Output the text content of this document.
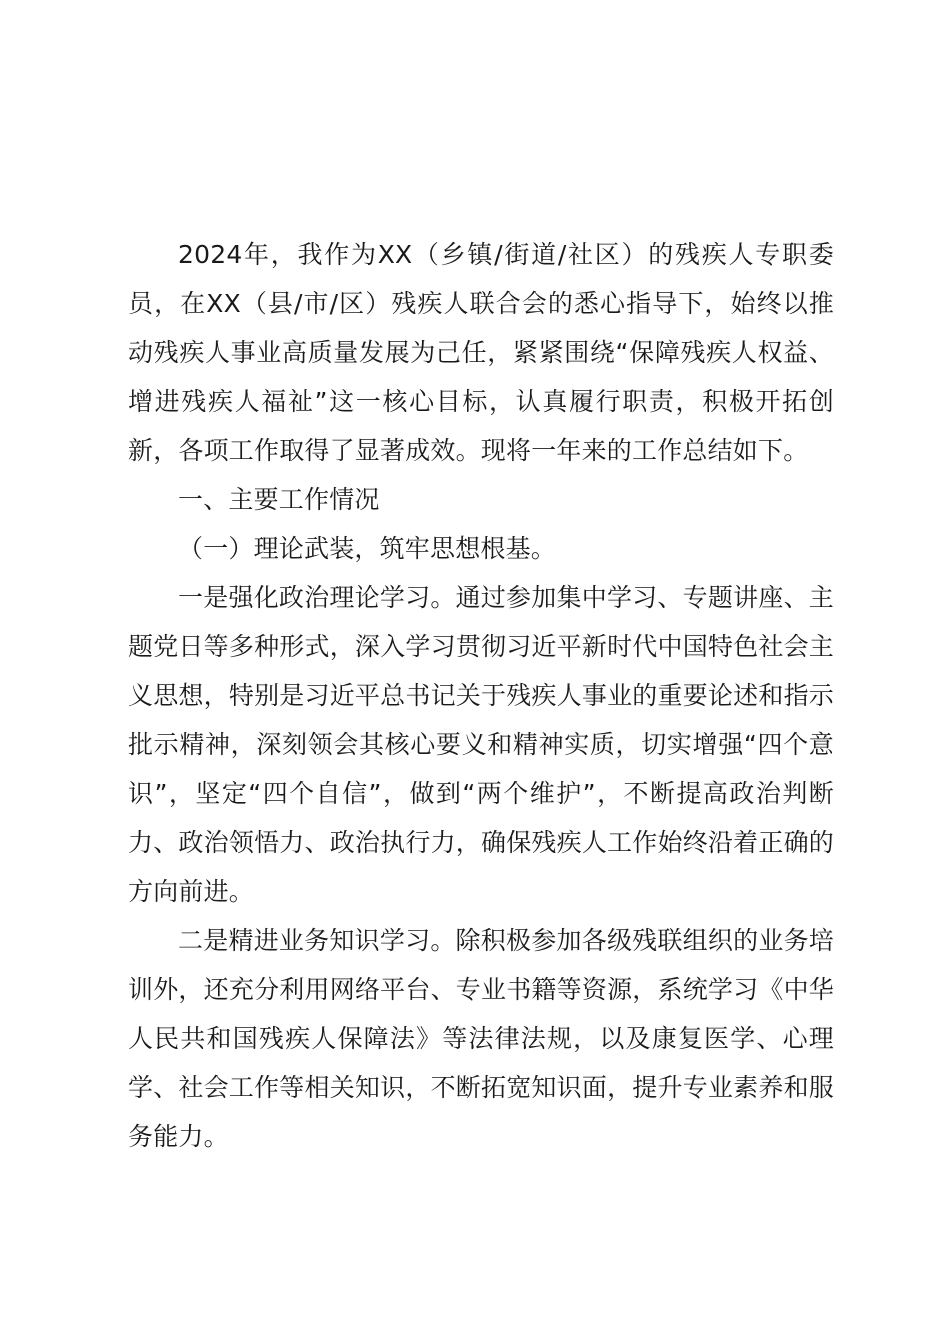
2024年，我作为XX（乡镇/街道/社区）的残疾人专职委员，在XX（县/市/区）残疾人联合会的悉心指导下，始终以推动残疾人事业高质量发展为己任，紧紧围绕“保障残疾人权益、增进残疾人福祉”这一核心目标，认真履行职责，积极开拓创新，各项工作取得了显著成效。现将一年来的工作总结如下。

一、主要工作情况

（一）理论武装，筑牢思想根基。

一是强化政治理论学习。通过参加集中学习、专题讲座、主题党日等多种形式，深入学习贯彻习近平新时代中国特色社会主义思想，特别是习近平总书记关于残疾人事业的重要论述和指示批示精神，深刻领会其核心要义和精神实质，切实增强“四个意识”，坚定“四个自信”，做到“两个维护”，不断提高政治判断力、政治领悟力、政治执行力，确保残疾人工作始终沿着正确的方向前进。

二是精进业务知识学习。除积极参加各级残联组织的业务培训外，还充分利用网络平台、专业书籍等资源，系统学习《中华人民共和国残疾人保障法》等法律法规，以及康复医学、心理学、社会工作等相关知识，不断拓宽知识面，提升专业素养和服务能力。
